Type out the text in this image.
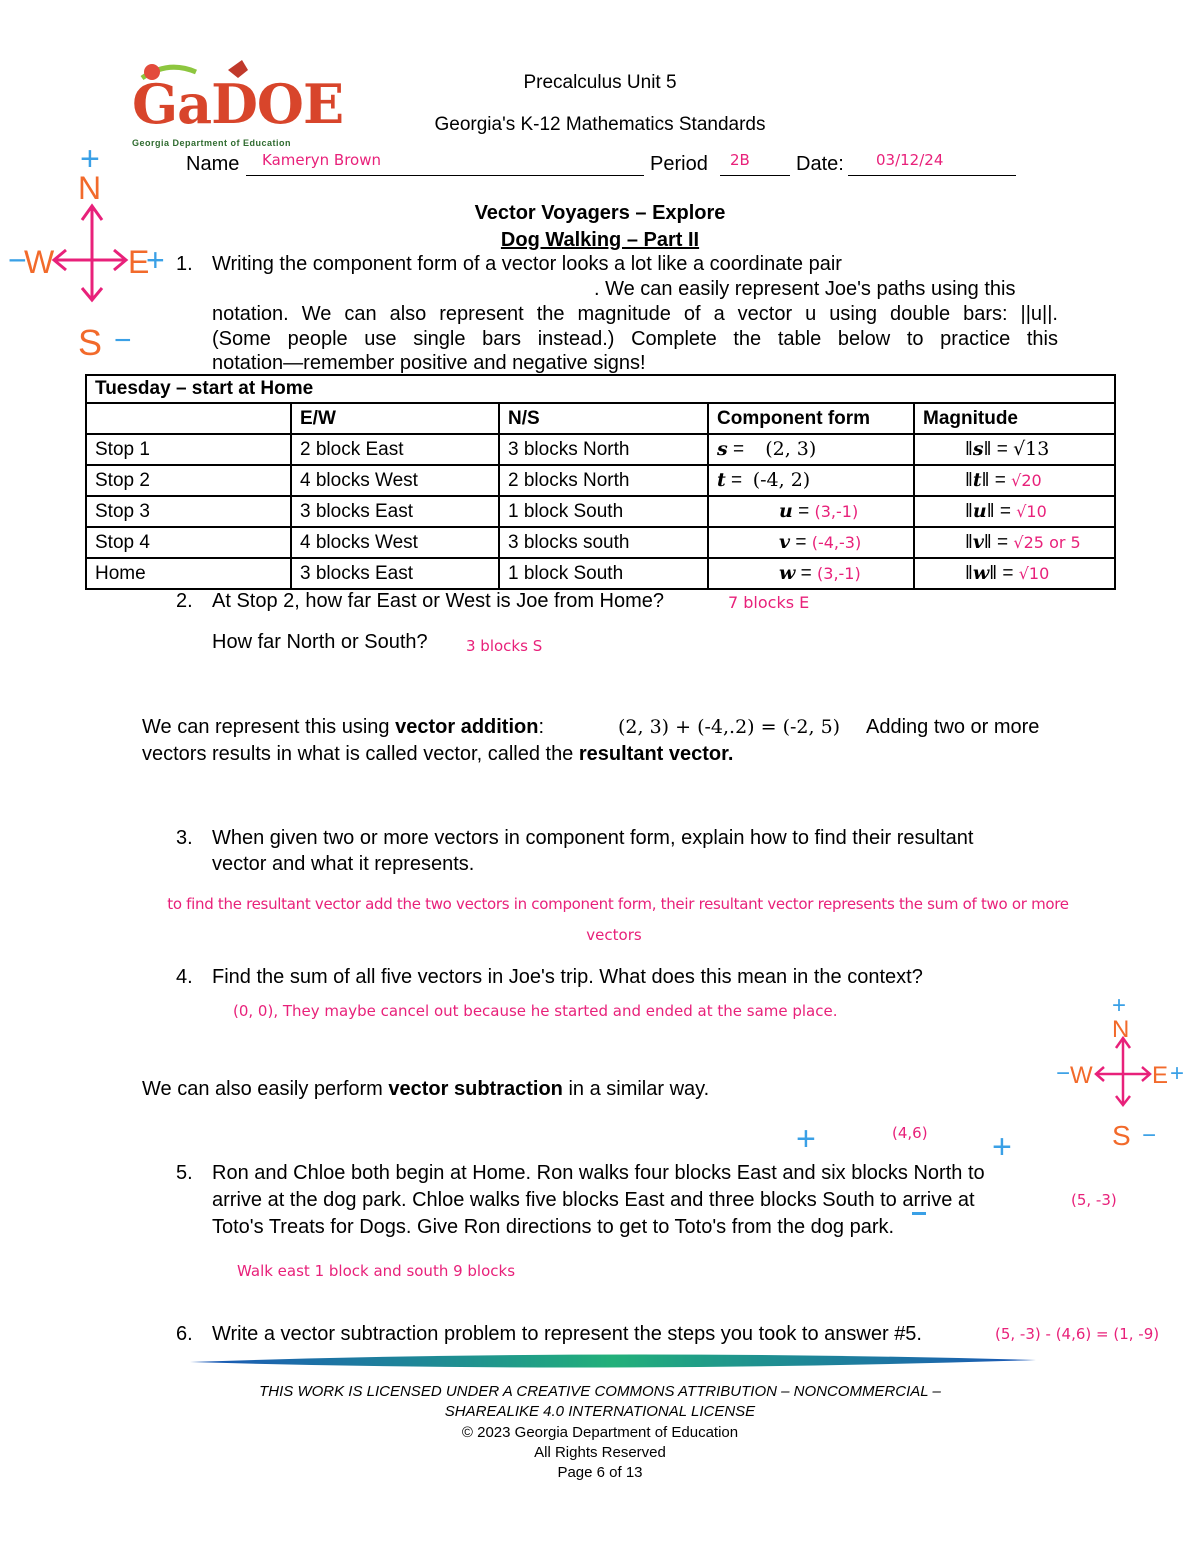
GaDOE
Georgia Department of Education
Precalculus Unit 5
Georgia's K-12 Mathematics Standards
Name Kameryn Brown	Period 2B Date: 03/12/24
Vector Voyagers – Explore
Dog Walking – Part II
+
N
−
W E
+
S −
1. Writing the component form of a vector looks a lot like a coordinate pair
. We can easily represent Joe's paths using this
notation. We can also represent the magnitude of a vector u using double bars: ||u||.
(Some people use single bars instead.) Complete the table below to practice this
notation—remember positive and negative signs!
Tuesday – start at Home				
	E/W	N/S	Component form	Magnitude
Stop 1	2 block East	3 blocks North	s =    (2, 3)	‖s‖ = √13
Stop 2	4 blocks West	2 blocks North	t =  (-4, 2)	‖t‖ = √20
Stop 3	3 blocks East	1 block South	u = (3,-1)	‖u‖ = √10
Stop 4	4 blocks West	3 blocks south	v = (-4,-3)	‖v‖ = √25 or 5
Home	3 blocks East	1 block South	w = (3,-1)	‖w‖ = √10
2. At Stop 2, how far East or West is Joe from Home?	7 blocks E
How far North or South?	3 blocks S
We can represent this using vector addition:	(2, 3) + (-4,.2) = (-2, 5) Adding two or more
vectors results in what is called vector, called the resultant vector.
3. When given two or more vectors in component form, explain how to find their resultant
vector and what it represents.
to find the resultant vector add the two vectors in component form, their resultant vector represents the sum of two or more
vectors
4. Find the sum of all five vectors in Joe's trip. What does this mean in the context?
(0, 0), They maybe cancel out because he started and ended at the same place.	+
N
− W E +
S −
We can also easily perform vector subtraction in a similar way.
+	(4,6) +
5. Ron and Chloe both begin at Home. Ron walks four blocks East and six blocks North to
arrive at the dog park. Chloe walks five blocks East and three blocks South to arrive at	(5, -3)
Toto's Treats for Dogs. Give Ron directions to get to Toto's from the dog park.
Walk east 1 block and south 9 blocks
6. Write a vector subtraction problem to represent the steps you took to answer #5.	(5, -3) - (4,6) = (1, -9)
THIS WORK IS LICENSED UNDER A CREATIVE COMMONS ATTRIBUTION – NONCOMMERCIAL –
SHAREALIKE 4.0 INTERNATIONAL LICENSE
© 2023 Georgia Department of Education
All Rights Reserved
Page 6 of 13
